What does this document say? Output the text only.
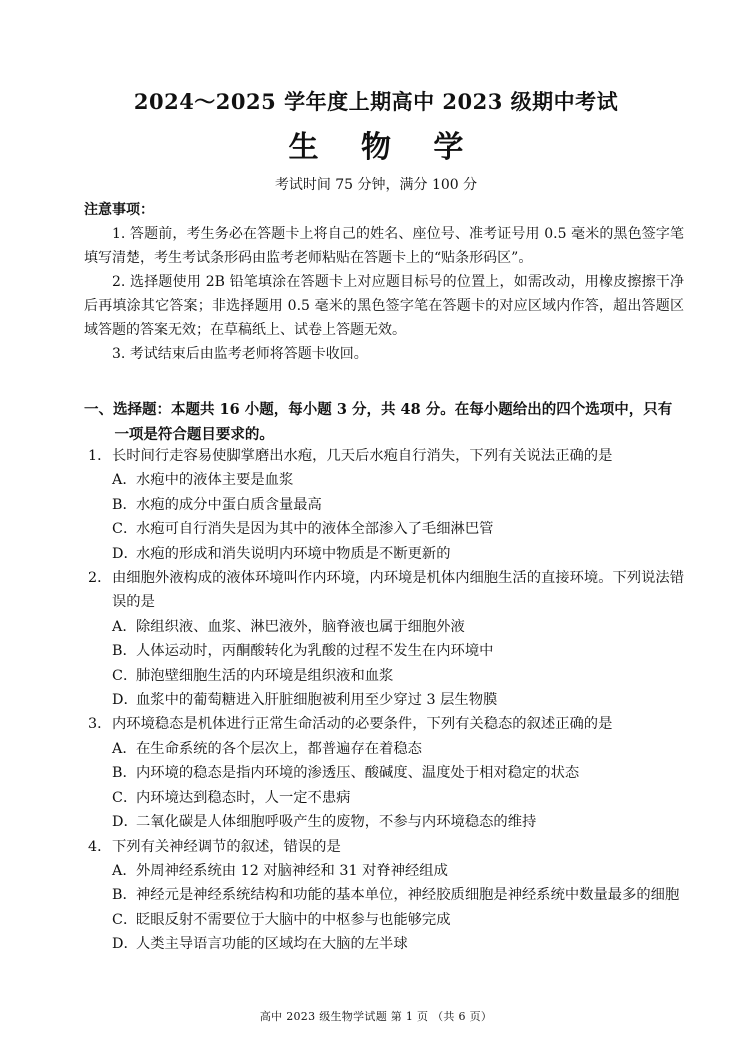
2024～2025 学年度上期高中 2023 级期中考试
生 物 学
考试时间 75 分钟，满分 100 分
注意事项：
1. 答题前，考生务必在答题卡上将自己的姓名、座位号、准考证号用 0.5 毫米的黑色签字笔填写清楚，考生考试条形码由监考老师粘贴在答题卡上的“贴条形码区”。
2. 选择题使用 2B 铅笔填涂在答题卡上对应题目标号的位置上，如需改动，用橡皮擦擦干净后再填涂其它答案；非选择题用 0.5 毫米的黑色签字笔在答题卡的对应区域内作答，超出答题区域答题的答案无效；在草稿纸上、试卷上答题无效。
3. 考试结束后由监考老师将答题卡收回。
一、选择题：本题共 16 小题，每小题 3 分，共 48 分。在每小题给出的四个选项中，只有一项是符合题目要求的。
1．长时间行走容易使脚掌磨出水疱，几天后水疱自行消失，下列有关说法正确的是
A．水疱中的液体主要是血浆
B．水疱的成分中蛋白质含量最高
C．水疱可自行消失是因为其中的液体全部渗入了毛细淋巴管
D．水疱的形成和消失说明内环境中物质是不断更新的
2．由细胞外液构成的液体环境叫作内环境，内环境是机体内细胞生活的直接环境。下列说法错误的是
A．除组织液、血浆、淋巴液外，脑脊液也属于细胞外液
B．人体运动时，丙酮酸转化为乳酸的过程不发生在内环境中
C．肺泡壁细胞生活的内环境是组织液和血浆
D．血浆中的葡萄糖进入肝脏细胞被利用至少穿过 3 层生物膜
3．内环境稳态是机体进行正常生命活动的必要条件，下列有关稳态的叙述正确的是
A．在生命系统的各个层次上，都普遍存在着稳态
B．内环境的稳态是指内环境的渗透压、酸碱度、温度处于相对稳定的状态
C．内环境达到稳态时，人一定不患病
D．二氧化碳是人体细胞呼吸产生的废物，不参与内环境稳态的维持
4．下列有关神经调节的叙述，错误的是
A．外周神经系统由 12 对脑神经和 31 对脊神经组成
B．神经元是神经系统结构和功能的基本单位，神经胶质细胞是神经系统中数量最多的细胞
C．眨眼反射不需要位于大脑中的中枢参与也能够完成
D．人类主导语言功能的区域均在大脑的左半球
高中 2023 级生物学试题 第 1 页 （共 6 页）
